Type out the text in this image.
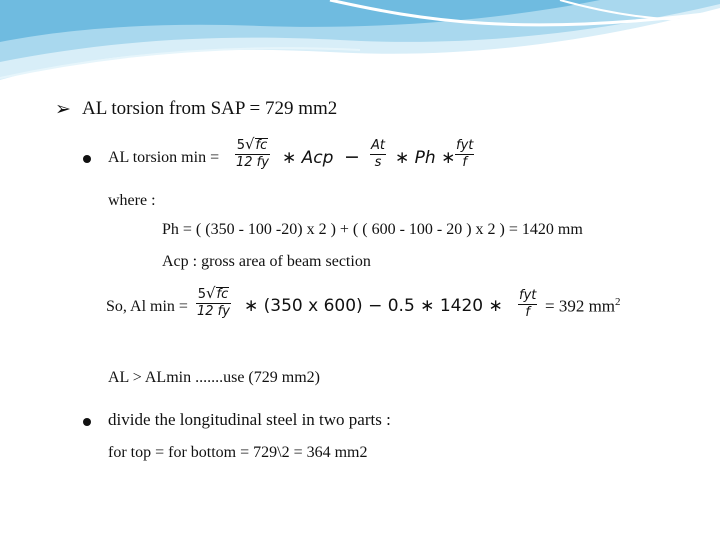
➢ AL torsion from SAP = 729 mm2
AL torsion min =
5√fc
12 fy ∗ Acp −
At
s ∗ Ph ∗
fyt
f
where :
Ph = ( (350 - 100 -20) x 2 ) + ( ( 600 - 100 - 20 ) x 2 ) = 1420 mm
Acp : gross area of beam section
So, Al min =
5√fc
12 fy ∗ (350 x 600) − 0.5 ∗ 1420 ∗
fyt
f = 392 $mm^2$
AL > ALmin .......use (729 mm2)
divide the longitudinal steel in two parts :
for top = for bottom = 729\2 = 364 mm2
